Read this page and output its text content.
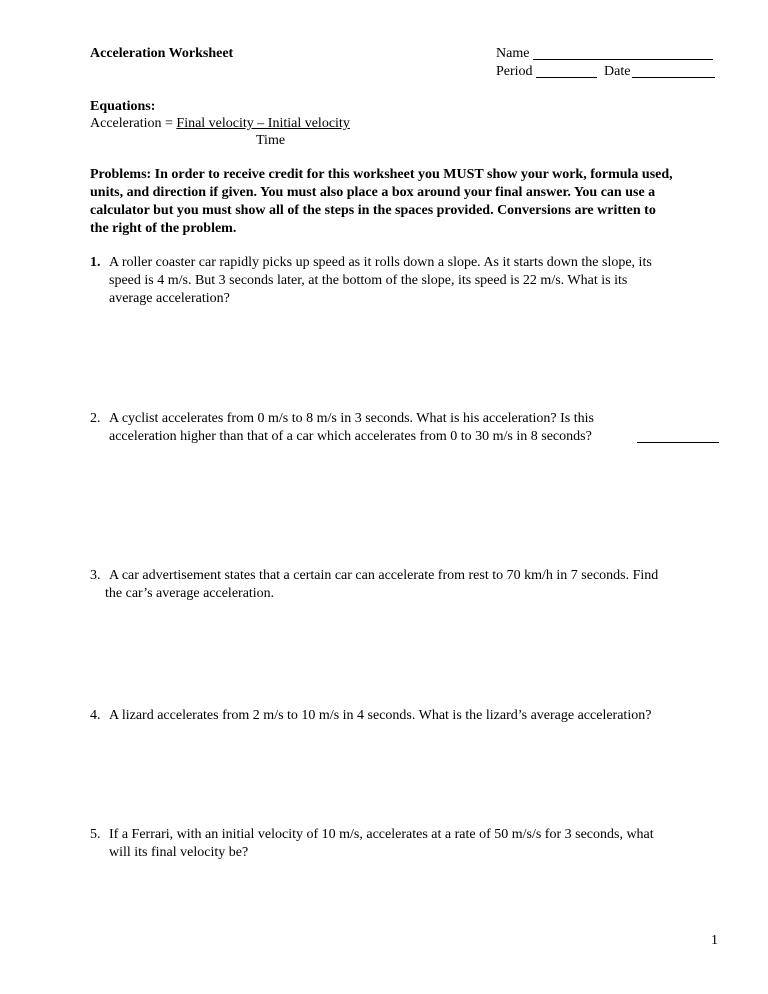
Acceleration Worksheet	Name
Period	Date
Equations:
Acceleration = Final velocity – Initial velocity
Time
Problems: In order to receive credit for this worksheet you MUST show your work, formula used,
units, and direction if given. You must also place a box around your final answer. You can use a
calculator but you must show all of the steps in the spaces provided. Conversions are written to
the right of the problem.
1. A roller coaster car rapidly picks up speed as it rolls down a slope. As it starts down the slope, its
speed is 4 m/s. But 3 seconds later, at the bottom of the slope, its speed is 22 m/s. What is its
average acceleration?
2. A cyclist accelerates from 0 m/s to 8 m/s in 3 seconds. What is his acceleration? Is this
acceleration higher than that of a car which accelerates from 0 to 30 m/s in 8 seconds?
3. A car advertisement states that a certain car can accelerate from rest to 70 km/h in 7 seconds. Find
the car’s average acceleration.
4. A lizard accelerates from 2 m/s to 10 m/s in 4 seconds. What is the lizard’s average acceleration?
5. If a Ferrari, with an initial velocity of 10 m/s, accelerates at a rate of 50 m/s/s for 3 seconds, what
will its final velocity be?
1
